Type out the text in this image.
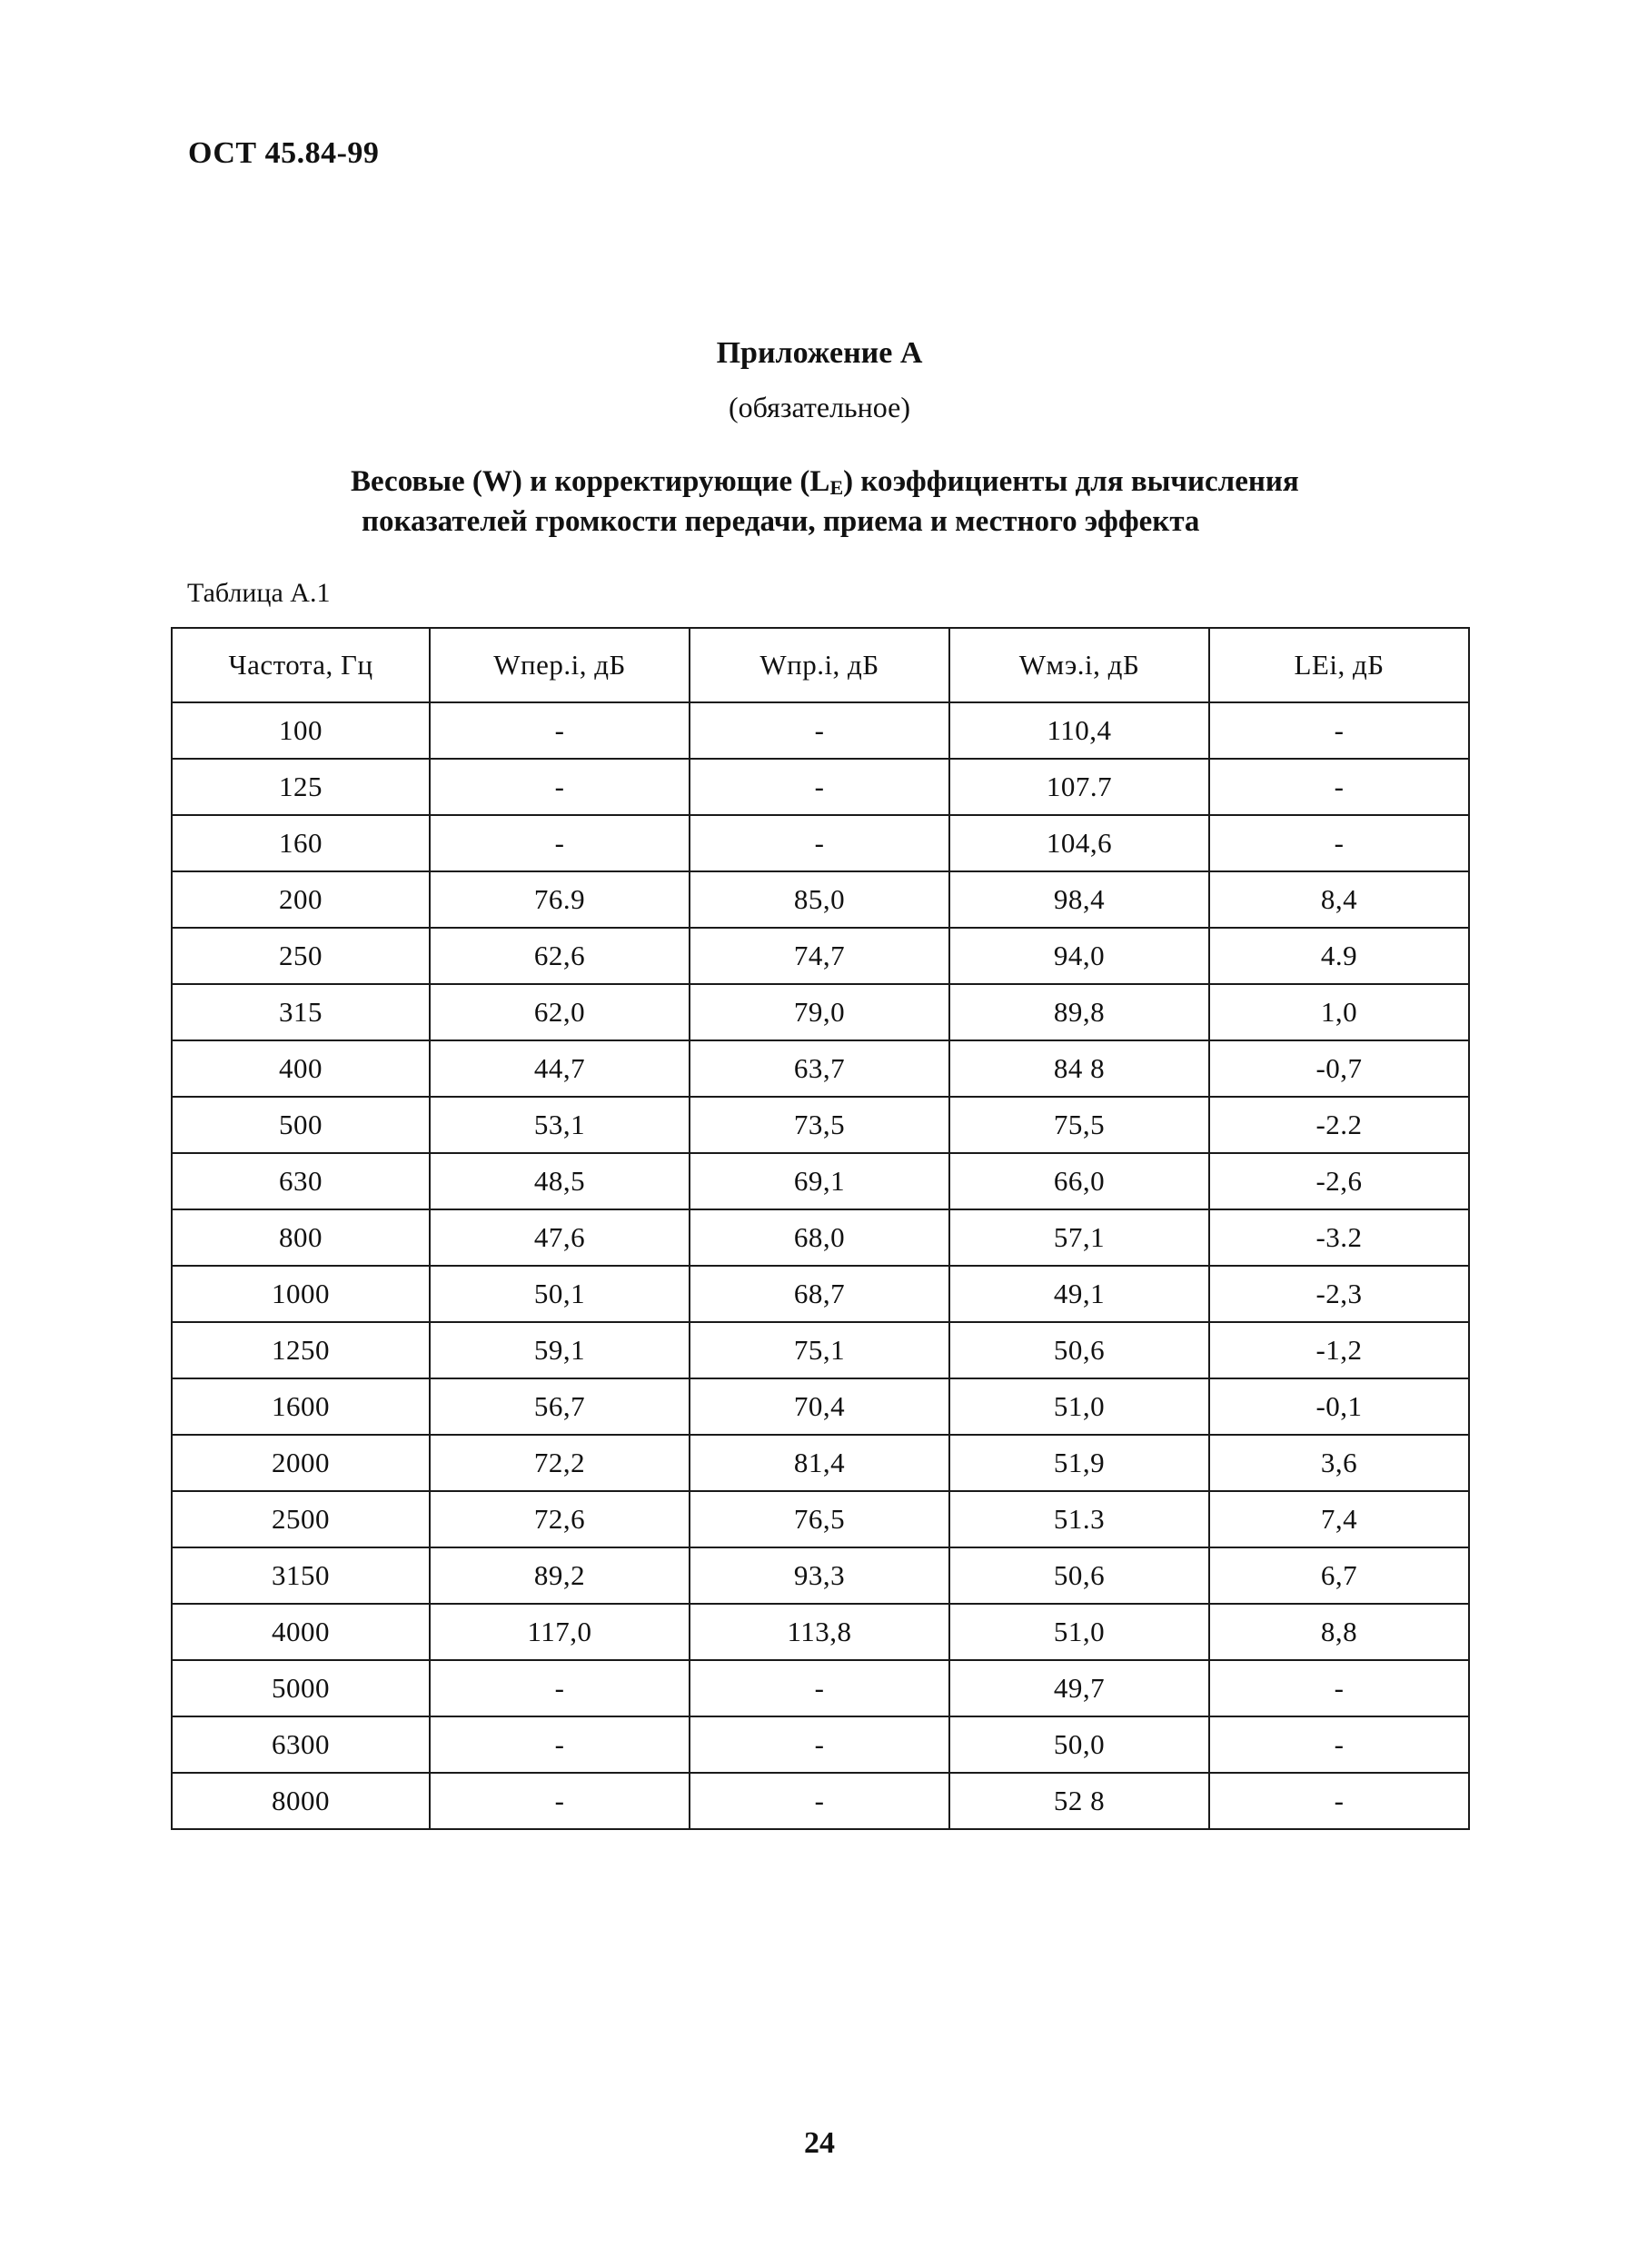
ОСТ 45.84-99
Приложение А
(обязательное)
Весовые (W) и корректирующие (LE) коэффициенты для вычисления
показателей громкости передачи, приема и местного эффекта
Таблица А.1
Частота, Гц	Wпер.i, дБ	Wпр.i, дБ	Wмэ.i, дБ	LEi, дБ
100	-	-	110,4	-
125	-	-	107.7	-
160	-	-	104,6	-
200	76.9	85,0	98,4	8,4
250	62,6	74,7	94,0	4.9
315	62,0	79,0	89,8	1,0
400	44,7	63,7	84 8	-0,7
500	53,1	73,5	75,5	-2.2
630	48,5	69,1	66,0	-2,6
800	47,6	68,0	57,1	-3.2
1000	50,1	68,7	49,1	-2,3
1250	59,1	75,1	50,6	-1,2
1600	56,7	70,4	51,0	-0,1
2000	72,2	81,4	51,9	3,6
2500	72,6	76,5	51.3	7,4
3150	89,2	93,3	50,6	6,7
4000	117,0	113,8	51,0	8,8
5000	-	-	49,7	-
6300	-	-	50,0	-
8000	-	-	52 8	-
24
